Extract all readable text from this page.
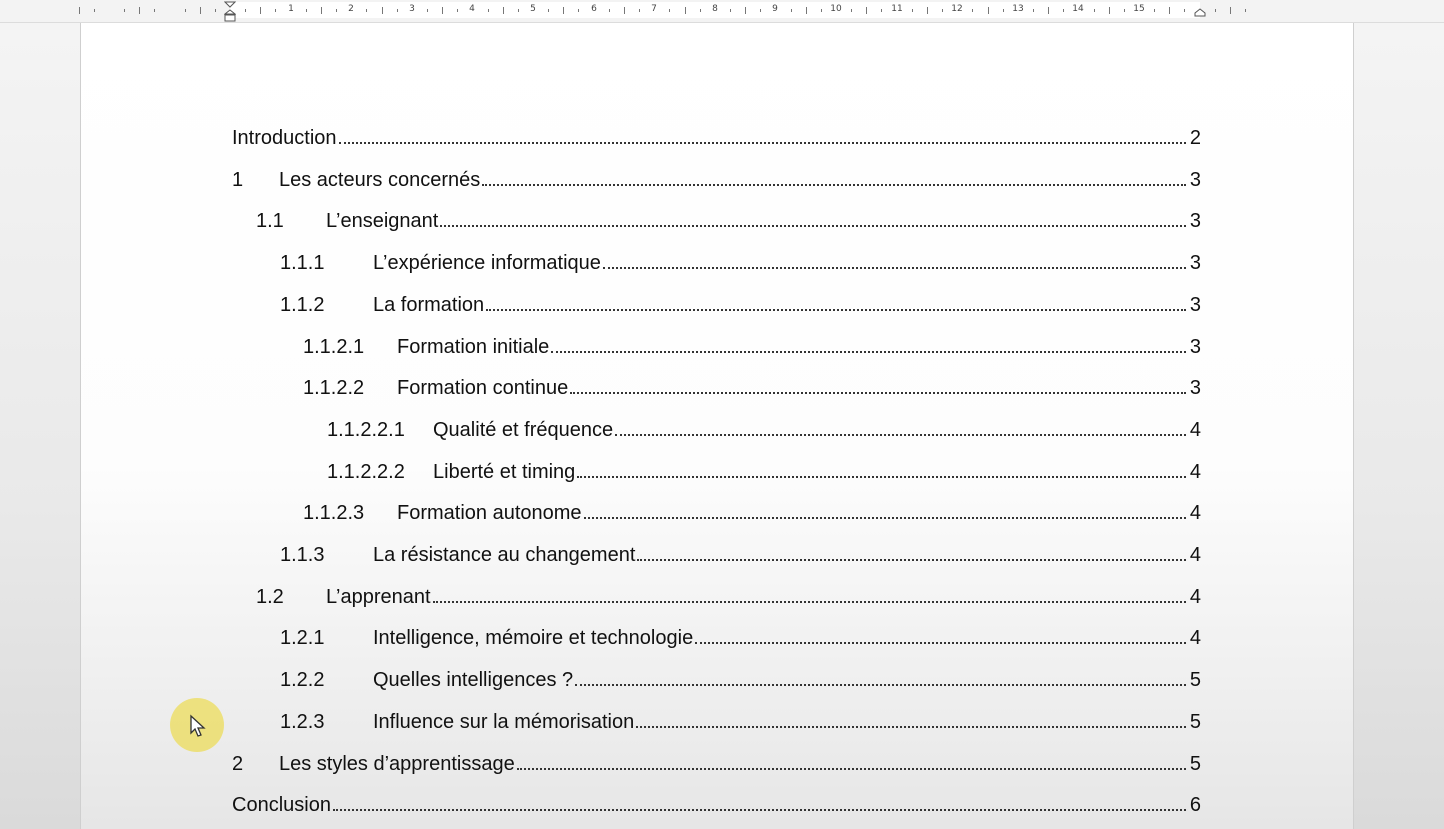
1	2	3	4	5	6	7	8	9	10	11	12	13	14	15
Introduction	2
1 Les acteurs concernés	3
1.1 L’enseignant	3
1.1.1 L’expérience informatique	3
1.1.2 La formation	3
1.1.2.1 Formation initiale	3
1.1.2.2 Formation continue	3
1.1.2.2.1 Qualité et fréquence	4
1.1.2.2.2 Liberté et timing	4
1.1.2.3 Formation autonome	4
1.1.3 La résistance au changement	4
1.2 L’apprenant	4
1.2.1 Intelligence, mémoire et technologie	4
1.2.2 Quelles intelligences ?	5
1.2.3 Influence sur la mémorisation	5
2 Les styles d’apprentissage	5
Conclusion	6
